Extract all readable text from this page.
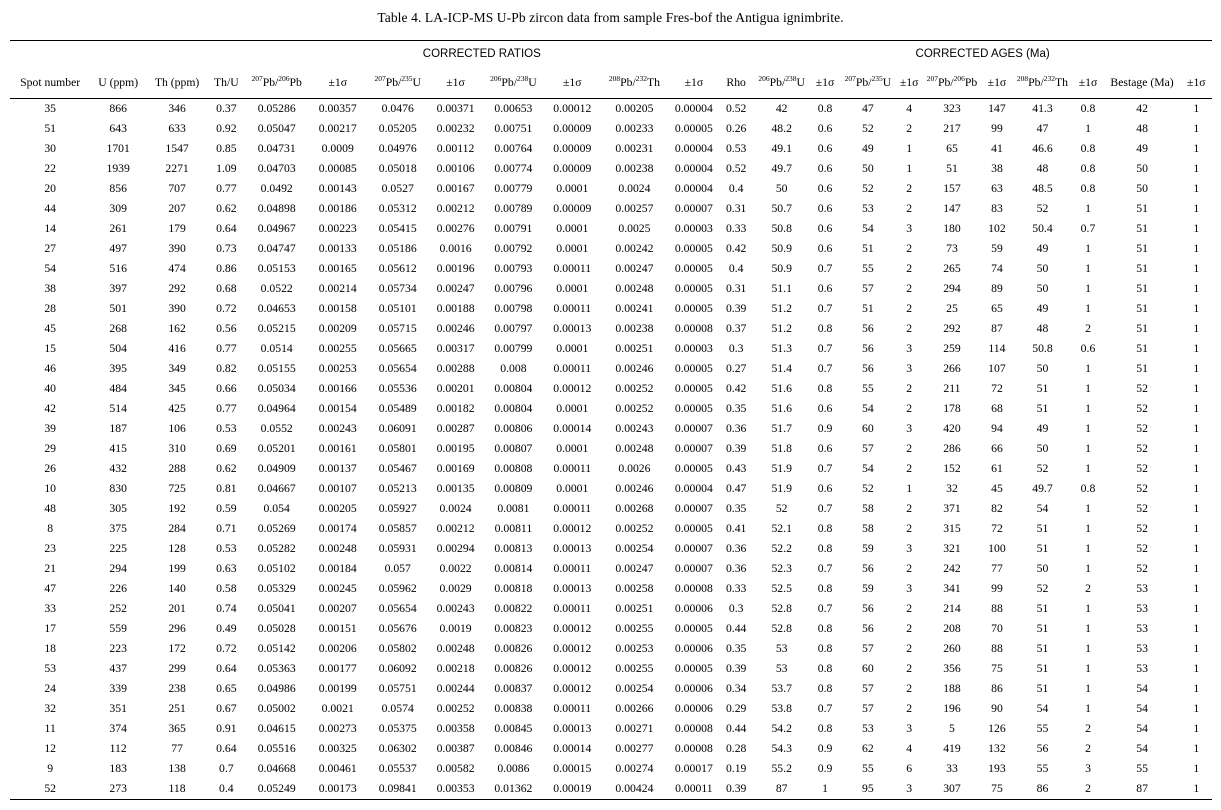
Table 4. LA-ICP-MS U-Pb zircon data from sample Fres-bof the Antigua ignimbrite.
				CORRECTED RATIOS									CORRECTED AGES (Ma)									
Spot number	U (ppm)	Th (ppm)	Th/U	$^{207}$Pb/$^{206}$Pb	±1σ	$^{207}$Pb/$^{235}$U	±1σ	$^{206}$Pb/$^{238}$U	±1σ	$^{208}$Pb/$^{232}$Th	±1σ	Rho	$^{206}$Pb/$^{238}$U	±1σ	$^{207}$Pb/$^{235}$U	±1σ	$^{207}$Pb/$^{206}$Pb	±1σ	$^{208}$Pb/$^{232}$Th	±1σ	Bestage (Ma)	±1σ
35	866	346	0.37	0.05286	0.00357	0.0476	0.00371	0.00653	0.00012	0.00205	0.00004	0.52	42	0.8	47	4	323	147	41.3	0.8	42	1
51	643	633	0.92	0.05047	0.00217	0.05205	0.00232	0.00751	0.00009	0.00233	0.00005	0.26	48.2	0.6	52	2	217	99	47	1	48	1
30	1701	1547	0.85	0.04731	0.0009	0.04976	0.00112	0.00764	0.00009	0.00231	0.00004	0.53	49.1	0.6	49	1	65	41	46.6	0.8	49	1
22	1939	2271	1.09	0.04703	0.00085	0.05018	0.00106	0.00774	0.00009	0.00238	0.00004	0.52	49.7	0.6	50	1	51	38	48	0.8	50	1
20	856	707	0.77	0.0492	0.00143	0.0527	0.00167	0.00779	0.0001	0.0024	0.00004	0.4	50	0.6	52	2	157	63	48.5	0.8	50	1
44	309	207	0.62	0.04898	0.00186	0.05312	0.00212	0.00789	0.00009	0.00257	0.00007	0.31	50.7	0.6	53	2	147	83	52	1	51	1
14	261	179	0.64	0.04967	0.00223	0.05415	0.00276	0.00791	0.0001	0.0025	0.00003	0.33	50.8	0.6	54	3	180	102	50.4	0.7	51	1
27	497	390	0.73	0.04747	0.00133	0.05186	0.0016	0.00792	0.0001	0.00242	0.00005	0.42	50.9	0.6	51	2	73	59	49	1	51	1
54	516	474	0.86	0.05153	0.00165	0.05612	0.00196	0.00793	0.00011	0.00247	0.00005	0.4	50.9	0.7	55	2	265	74	50	1	51	1
38	397	292	0.68	0.0522	0.00214	0.05734	0.00247	0.00796	0.0001	0.00248	0.00005	0.31	51.1	0.6	57	2	294	89	50	1	51	1
28	501	390	0.72	0.04653	0.00158	0.05101	0.00188	0.00798	0.00011	0.00241	0.00005	0.39	51.2	0.7	51	2	25	65	49	1	51	1
45	268	162	0.56	0.05215	0.00209	0.05715	0.00246	0.00797	0.00013	0.00238	0.00008	0.37	51.2	0.8	56	2	292	87	48	2	51	1
15	504	416	0.77	0.0514	0.00255	0.05665	0.00317	0.00799	0.0001	0.00251	0.00003	0.3	51.3	0.7	56	3	259	114	50.8	0.6	51	1
46	395	349	0.82	0.05155	0.00253	0.05654	0.00288	0.008	0.00011	0.00246	0.00005	0.27	51.4	0.7	56	3	266	107	50	1	51	1
40	484	345	0.66	0.05034	0.00166	0.05536	0.00201	0.00804	0.00012	0.00252	0.00005	0.42	51.6	0.8	55	2	211	72	51	1	52	1
42	514	425	0.77	0.04964	0.00154	0.05489	0.00182	0.00804	0.0001	0.00252	0.00005	0.35	51.6	0.6	54	2	178	68	51	1	52	1
39	187	106	0.53	0.0552	0.00243	0.06091	0.00287	0.00806	0.00014	0.00243	0.00007	0.36	51.7	0.9	60	3	420	94	49	1	52	1
29	415	310	0.69	0.05201	0.00161	0.05801	0.00195	0.00807	0.0001	0.00248	0.00007	0.39	51.8	0.6	57	2	286	66	50	1	52	1
26	432	288	0.62	0.04909	0.00137	0.05467	0.00169	0.00808	0.00011	0.0026	0.00005	0.43	51.9	0.7	54	2	152	61	52	1	52	1
10	830	725	0.81	0.04667	0.00107	0.05213	0.00135	0.00809	0.0001	0.00246	0.00004	0.47	51.9	0.6	52	1	32	45	49.7	0.8	52	1
48	305	192	0.59	0.054	0.00205	0.05927	0.0024	0.0081	0.00011	0.00268	0.00007	0.35	52	0.7	58	2	371	82	54	1	52	1
8	375	284	0.71	0.05269	0.00174	0.05857	0.00212	0.00811	0.00012	0.00252	0.00005	0.41	52.1	0.8	58	2	315	72	51	1	52	1
23	225	128	0.53	0.05282	0.00248	0.05931	0.00294	0.00813	0.00013	0.00254	0.00007	0.36	52.2	0.8	59	3	321	100	51	1	52	1
21	294	199	0.63	0.05102	0.00184	0.057	0.0022	0.00814	0.00011	0.00247	0.00007	0.36	52.3	0.7	56	2	242	77	50	1	52	1
47	226	140	0.58	0.05329	0.00245	0.05962	0.0029	0.00818	0.00013	0.00258	0.00008	0.33	52.5	0.8	59	3	341	99	52	2	53	1
33	252	201	0.74	0.05041	0.00207	0.05654	0.00243	0.00822	0.00011	0.00251	0.00006	0.3	52.8	0.7	56	2	214	88	51	1	53	1
17	559	296	0.49	0.05028	0.00151	0.05676	0.0019	0.00823	0.00012	0.00255	0.00005	0.44	52.8	0.8	56	2	208	70	51	1	53	1
18	223	172	0.72	0.05142	0.00206	0.05802	0.00248	0.00826	0.00012	0.00253	0.00006	0.35	53	0.8	57	2	260	88	51	1	53	1
53	437	299	0.64	0.05363	0.00177	0.06092	0.00218	0.00826	0.00012	0.00255	0.00005	0.39	53	0.8	60	2	356	75	51	1	53	1
24	339	238	0.65	0.04986	0.00199	0.05751	0.00244	0.00837	0.00012	0.00254	0.00006	0.34	53.7	0.8	57	2	188	86	51	1	54	1
32	351	251	0.67	0.05002	0.0021	0.0574	0.00252	0.00838	0.00011	0.00266	0.00006	0.29	53.8	0.7	57	2	196	90	54	1	54	1
11	374	365	0.91	0.04615	0.00273	0.05375	0.00358	0.00845	0.00013	0.00271	0.00008	0.44	54.2	0.8	53	3	5	126	55	2	54	1
12	112	77	0.64	0.05516	0.00325	0.06302	0.00387	0.00846	0.00014	0.00277	0.00008	0.28	54.3	0.9	62	4	419	132	56	2	54	1
9	183	138	0.7	0.04668	0.00461	0.05537	0.00582	0.0086	0.00015	0.00274	0.00017	0.19	55.2	0.9	55	6	33	193	55	3	55	1
52	273	118	0.4	0.05249	0.00173	0.09841	0.00353	0.01362	0.00019	0.00424	0.00011	0.39	87	1	95	3	307	75	86	2	87	1
